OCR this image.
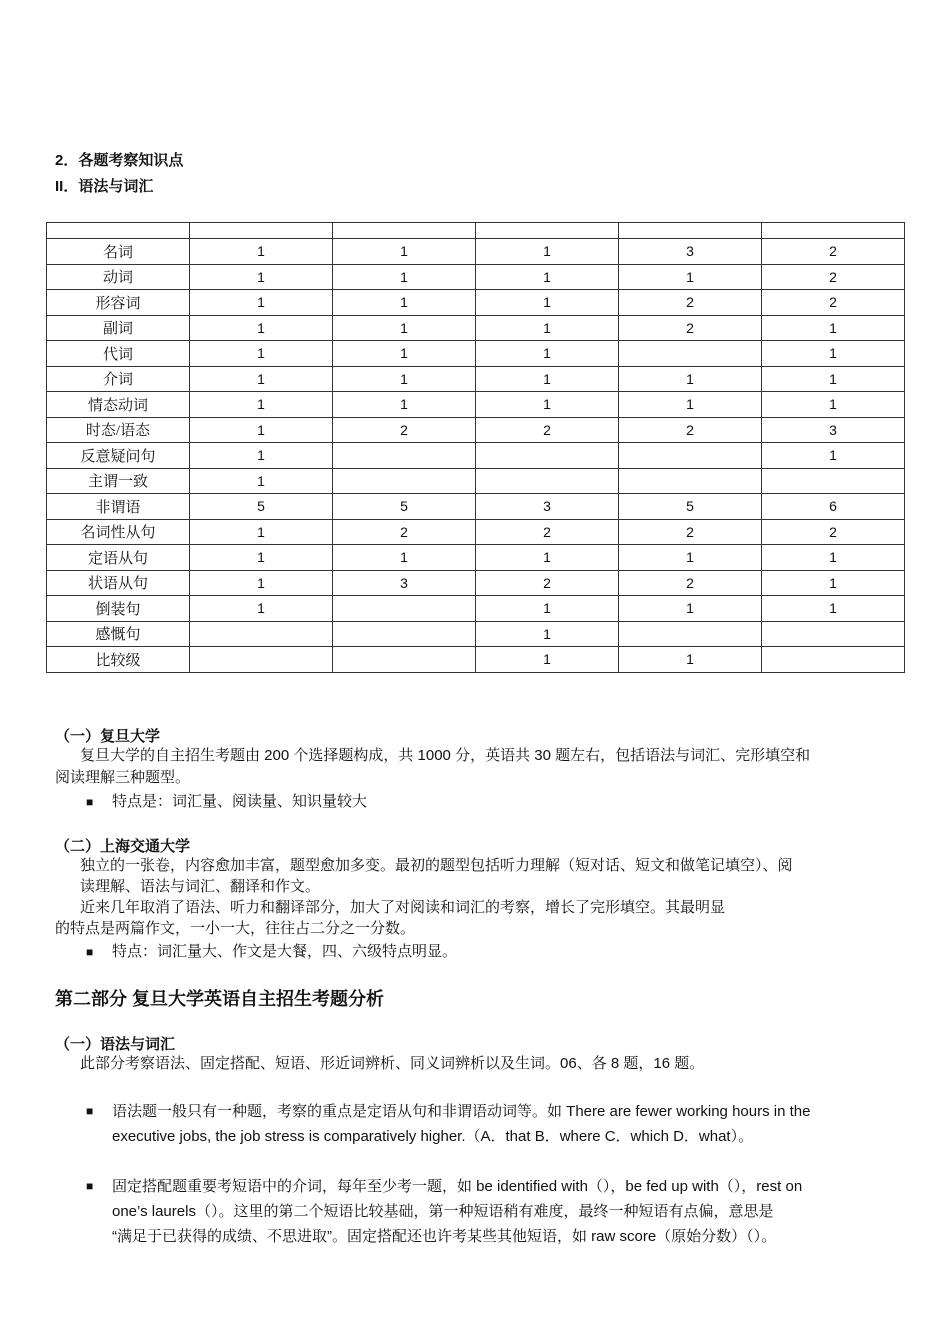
2．各题考察知识点
II．语法与词汇

名词	1	1	1	3	2
动词	1	1	1	1	2
形容词	1	1	1	2	2
副词	1	1	1	2	1
代词	1	1	1		1
介词	1	1	1	1	1
情态动词	1	1	1	1	1
时态/语态	1	2	2	2	3
反意疑问句	1				1
主谓一致	1				
非谓语	5	5	3	5	6
名词性从句	1	2	2	2	2
定语从句	1	1	1	1	1
状语从句	1	3	2	2	1
倒装句	1		1	1	1
感慨句			1		
比较级			1	1	
（一）复旦大学
复旦大学的自主招生考题由 200 个选择题构成，共 1000 分，英语共 30 题左右，包括语法与词汇、完形填空和
阅读理解三种题型。
■ 特点是：词汇量、阅读量、知识量较大
（二）上海交通大学
独立的一张卷，内容愈加丰富，题型愈加多变。最初的题型包括听力理解（短对话、短文和做笔记填空）、阅
读理解、语法与词汇、翻译和作文。
近来几年取消了语法、听力和翻译部分，加大了对阅读和词汇的考察，增长了完形填空。其最明显
的特点是两篇作文，一小一大，往往占二分之一分数。
■ 特点：词汇量大、作文是大餐，四、六级特点明显。
第二部分 复旦大学英语自主招生考题分析
（一）语法与词汇
此部分考察语法、固定搭配、短语、形近词辨析、同义词辨析以及生词。06、各 8 题，16 题。
■ 语法题一般只有一种题，考察的重点是定语从句和非谓语动词等。如 There are fewer working hours in the
executive jobs, the job stress is comparatively higher.（A．that B．where C．which D．what）。
■ 固定搭配题重要考短语中的介词，每年至少考一题，如 be identified with（），be fed up with（），rest on
one’s laurels（）。这里的第二个短语比较基础，第一种短语稍有难度，最终一种短语有点偏，意思是
“满足于已获得的成绩、不思进取”。固定搭配还也许考某些其他短语，如 raw score（原始分数）（）。
